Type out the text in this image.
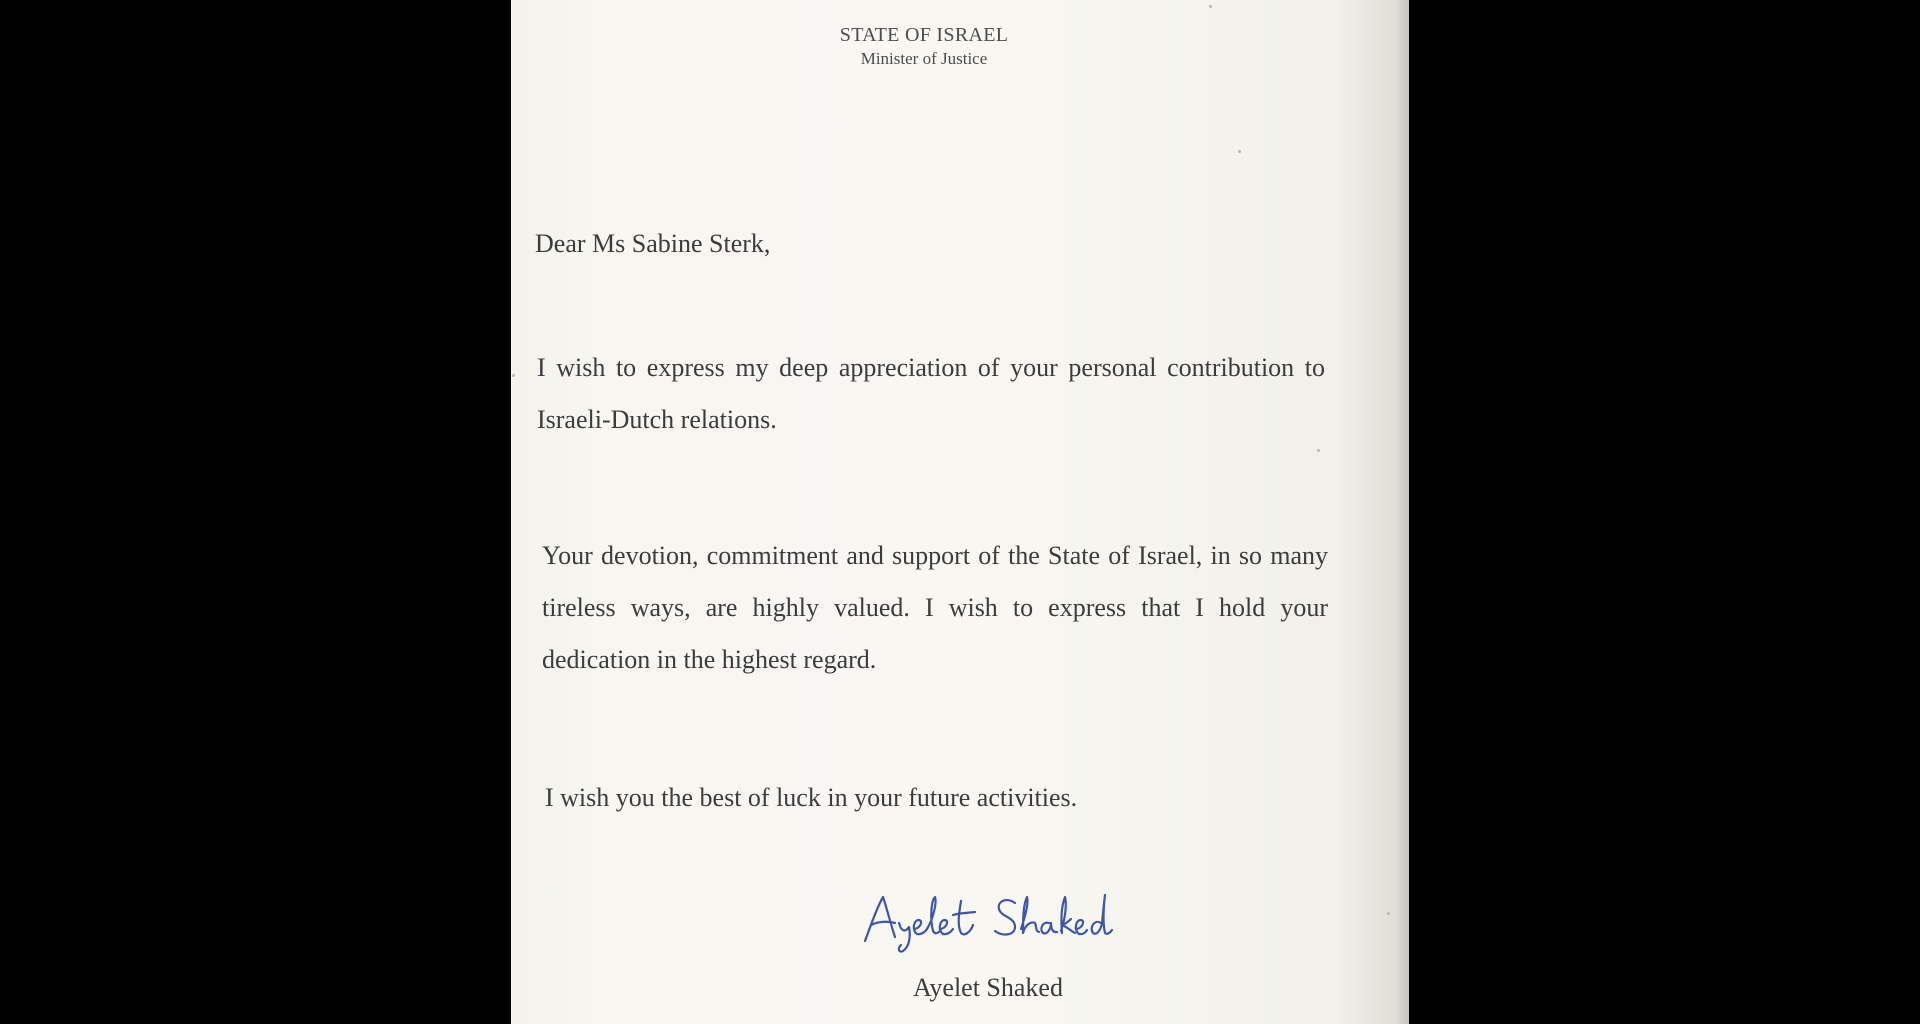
STATE OF ISRAEL
Minister of Justice
Dear Ms Sabine Sterk,
I wish to express my deep appreciation of your personal contribution to Israeli-Dutch relations.
Your devotion, commitment and support of the State of Israel, in so many tireless ways, are highly valued. I wish to express that I hold your dedication in the highest regard.
I wish you the best of luck in your future activities.
Ayelet Shaked
